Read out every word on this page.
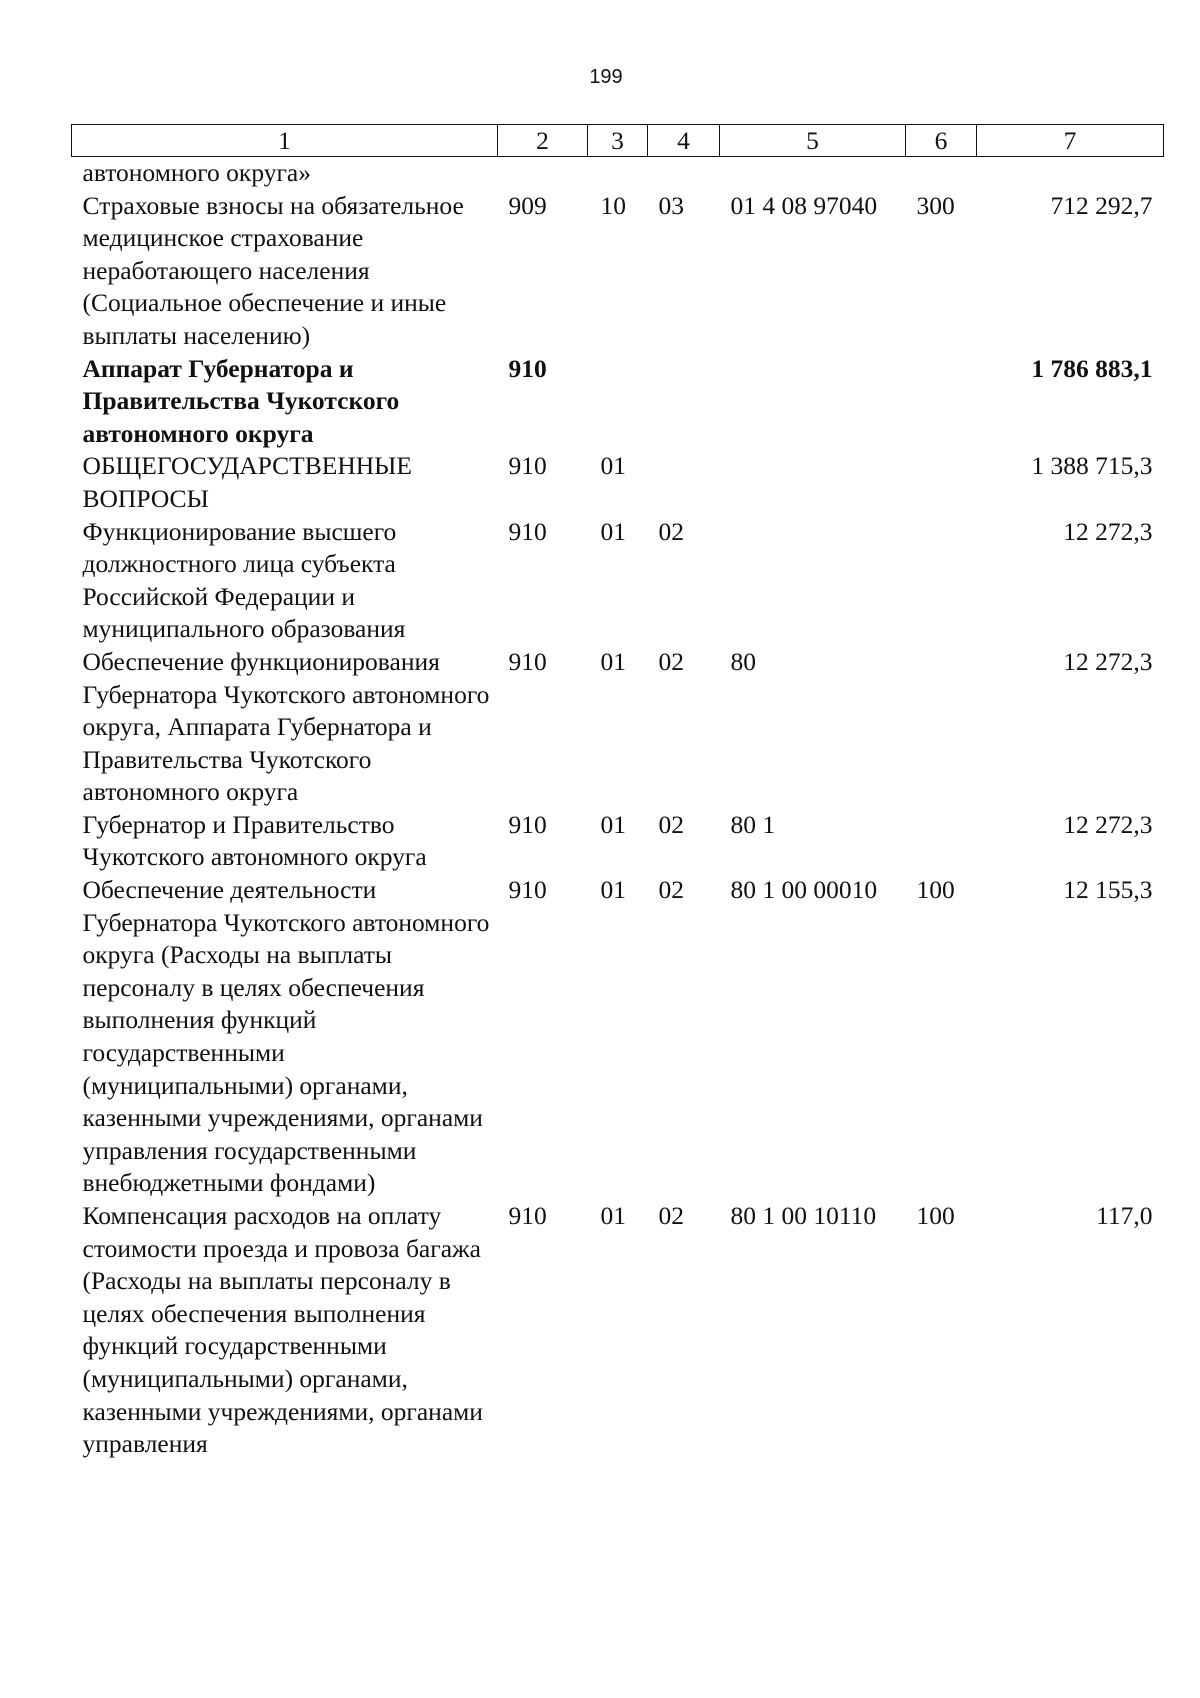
199
1	2	3	4	5	6	7
автономного округа»						
Страховые взносы на обязательное медицинское страхование неработающего населения (Социальное обеспечение и иные выплаты населению)	909	10	03	01 4 08 97040	300	712 292,7
Аппарат Губернатора и Правительства Чукотского автономного округа	910					1 786 883,1
ОБЩЕГОСУДАРСТВЕННЫЕ ВОПРОСЫ	910	01				1 388 715,3
Функционирование высшего должностного лица субъекта Российской Федерации и муниципального образования	910	01	02			12 272,3
Обеспечение функционирования Губернатора Чукотского автономного округа, Аппарата Губернатора и Правительства Чукотского автономного округа	910	01	02	80		12 272,3
Губернатор и Правительство Чукотского автономного округа	910	01	02	80 1		12 272,3
Обеспечение деятельности Губернатора Чукотского автономного округа (Расходы на выплаты персоналу в целях обеспечения выполнения функций государственными (муниципальными) органами, казенными учреждениями, органами управления государственными внебюджетными фондами)	910	01	02	80 1 00 00010	100	12 155,3
Компенсация расходов на оплату стоимости проезда и провоза багажа (Расходы на выплаты персоналу в целях обеспечения выполнения функций государственными (муниципальными) органами, казенными учреждениями, органами управления	910	01	02	80 1 00 10110	100	117,0
